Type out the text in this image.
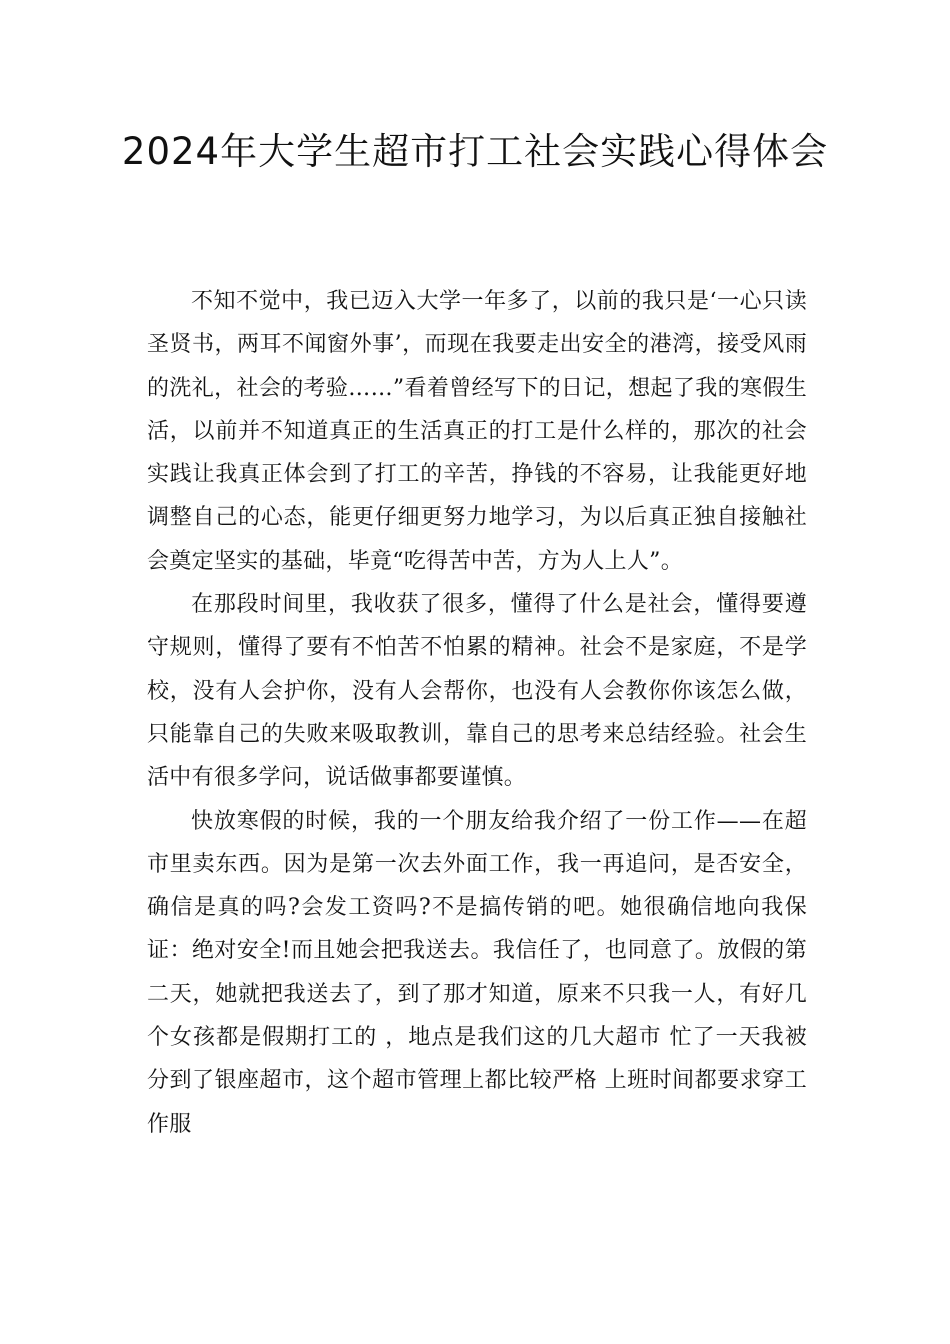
2024年大学生超市打工社会实践心得体会

不知不觉中，我已迈入大学一年多了，以前的我只是‘一心只读圣贤书，两耳不闻窗外事’，而现在我要走出安全的港湾，接受风雨的洗礼，社会的考验……”看着曾经写下的日记，想起了我的寒假生活，以前并不知道真正的生活真正的打工是什么样的，那次的社会实践让我真正体会到了打工的辛苦，挣钱的不容易，让我能更好地调整自己的心态，能更仔细更努力地学习，为以后真正独自接触社会奠定坚实的基础，毕竟“吃得苦中苦，方为人上人”。

在那段时间里，我收获了很多，懂得了什么是社会，懂得要遵守规则，懂得了要有不怕苦不怕累的精神。社会不是家庭，不是学校，没有人会护你，没有人会帮你，也没有人会教你你该怎么做，只能靠自己的失败来吸取教训，靠自己的思考来总结经验。社会生活中有很多学问，说话做事都要谨慎。

快放寒假的时候，我的一个朋友给我介绍了一份工作——在超市里卖东西。因为是第一次去外面工作，我一再追问，是否安全，确信是真的吗?会发工资吗?不是搞传销的吧。她很确信地向我保证：绝对安全!而且她会把我送去。我信任了，也同意了。放假的第二天，她就把我送去了，到了那才知道，原来不只我一人，有好几个女孩都是假期打工的 ，地点是我们这的几大超市 忙了一天我被分到了银座超市，这个超市管理上都比较严格 上班时间都要求穿工作服
